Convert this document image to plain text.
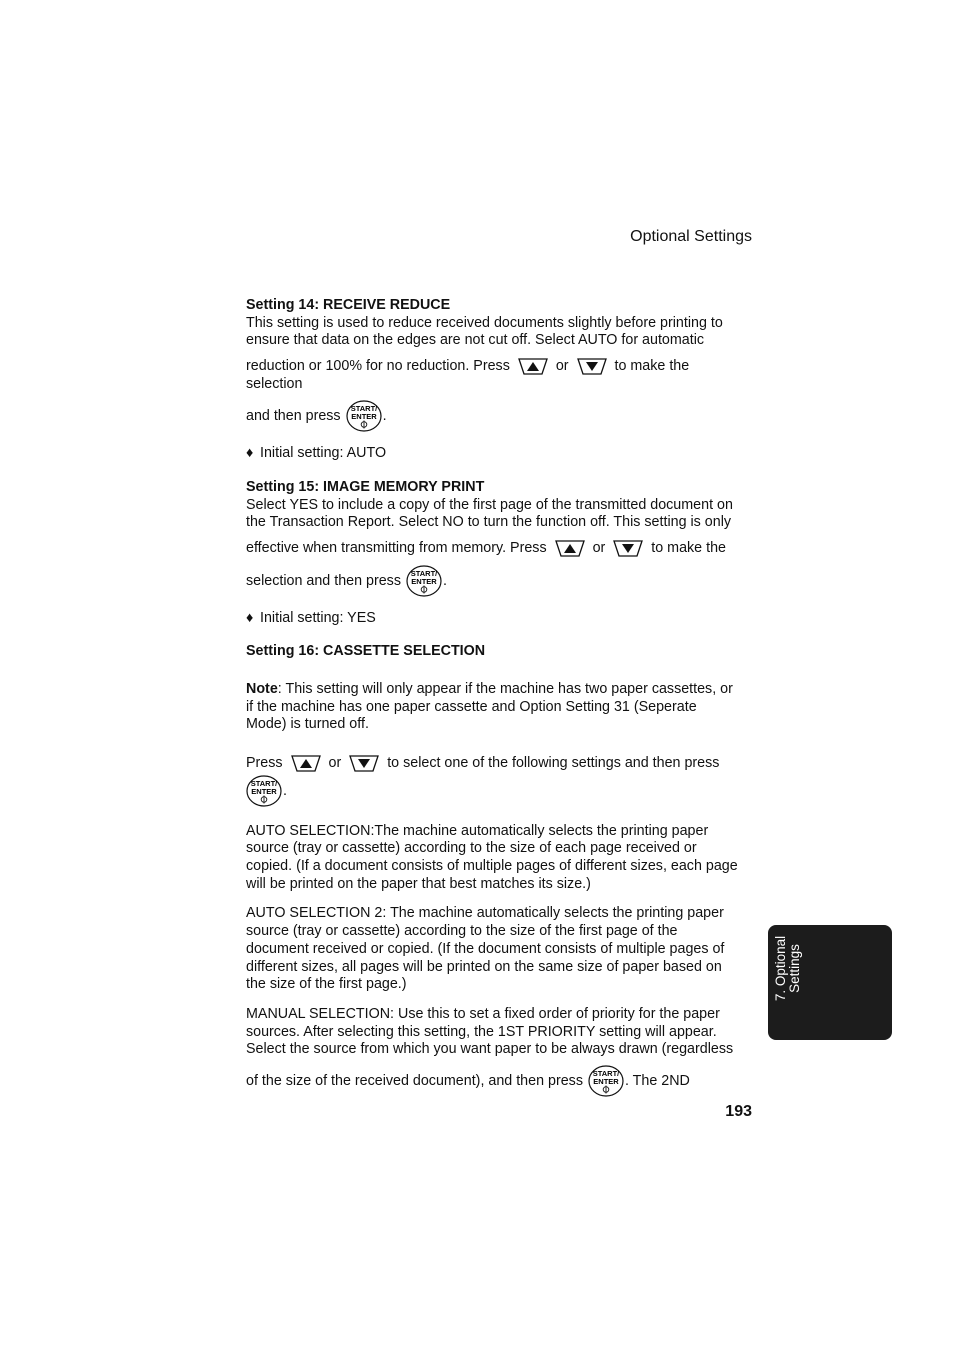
Optional Settings

Setting 14: RECEIVE REDUCE

This setting is used to reduce received documents slightly before printing to

ensure that data on the edges are not cut off. Select AUTO for automatic

reduction or 100% for no reduction. Press	or	to make the selection

and then press START/
ENTER .

♦ Initial setting: AUTO

Setting 15: IMAGE MEMORY PRINT

Select YES to include a copy of the first page of the transmitted document on

the Transaction Report. Select NO to turn the function off. This setting is only

effective when transmitting from memory. Press	or	to make the

selection and then press START/
ENTER .

♦ Initial setting: YES

Setting 16: CASSETTE SELECTION

Note: This setting will only appear if the machine has two paper cassettes, or

if the machine has one paper cassette and Option Setting 31 (Seperate

Mode) is turned off.

Press	or	to select one of the following settings and then press

START/
ENTER .

AUTO SELECTION:The machine automatically selects the printing paper

source (tray or cassette) according to the size of each page received or

copied. (If a document consists of multiple pages of different sizes, each page

will be printed on the paper that best matches its size.)

AUTO SELECTION 2: The machine automatically selects the printing paper

source (tray or cassette) according to the size of the first page of the

document received or copied. (If the document consists of multiple pages of

different sizes, all pages will be printed on the same size of paper based on

the size of the first page.)

MANUAL SELECTION: Use this to set a fixed order of priority for the paper

sources. After selecting this setting, the 1ST PRIORITY setting will appear.

Select the source from which you want paper to be always drawn (regardless

of the size of the received document), and then press START/
ENTER . The 2ND

7. Optional Settings
193
